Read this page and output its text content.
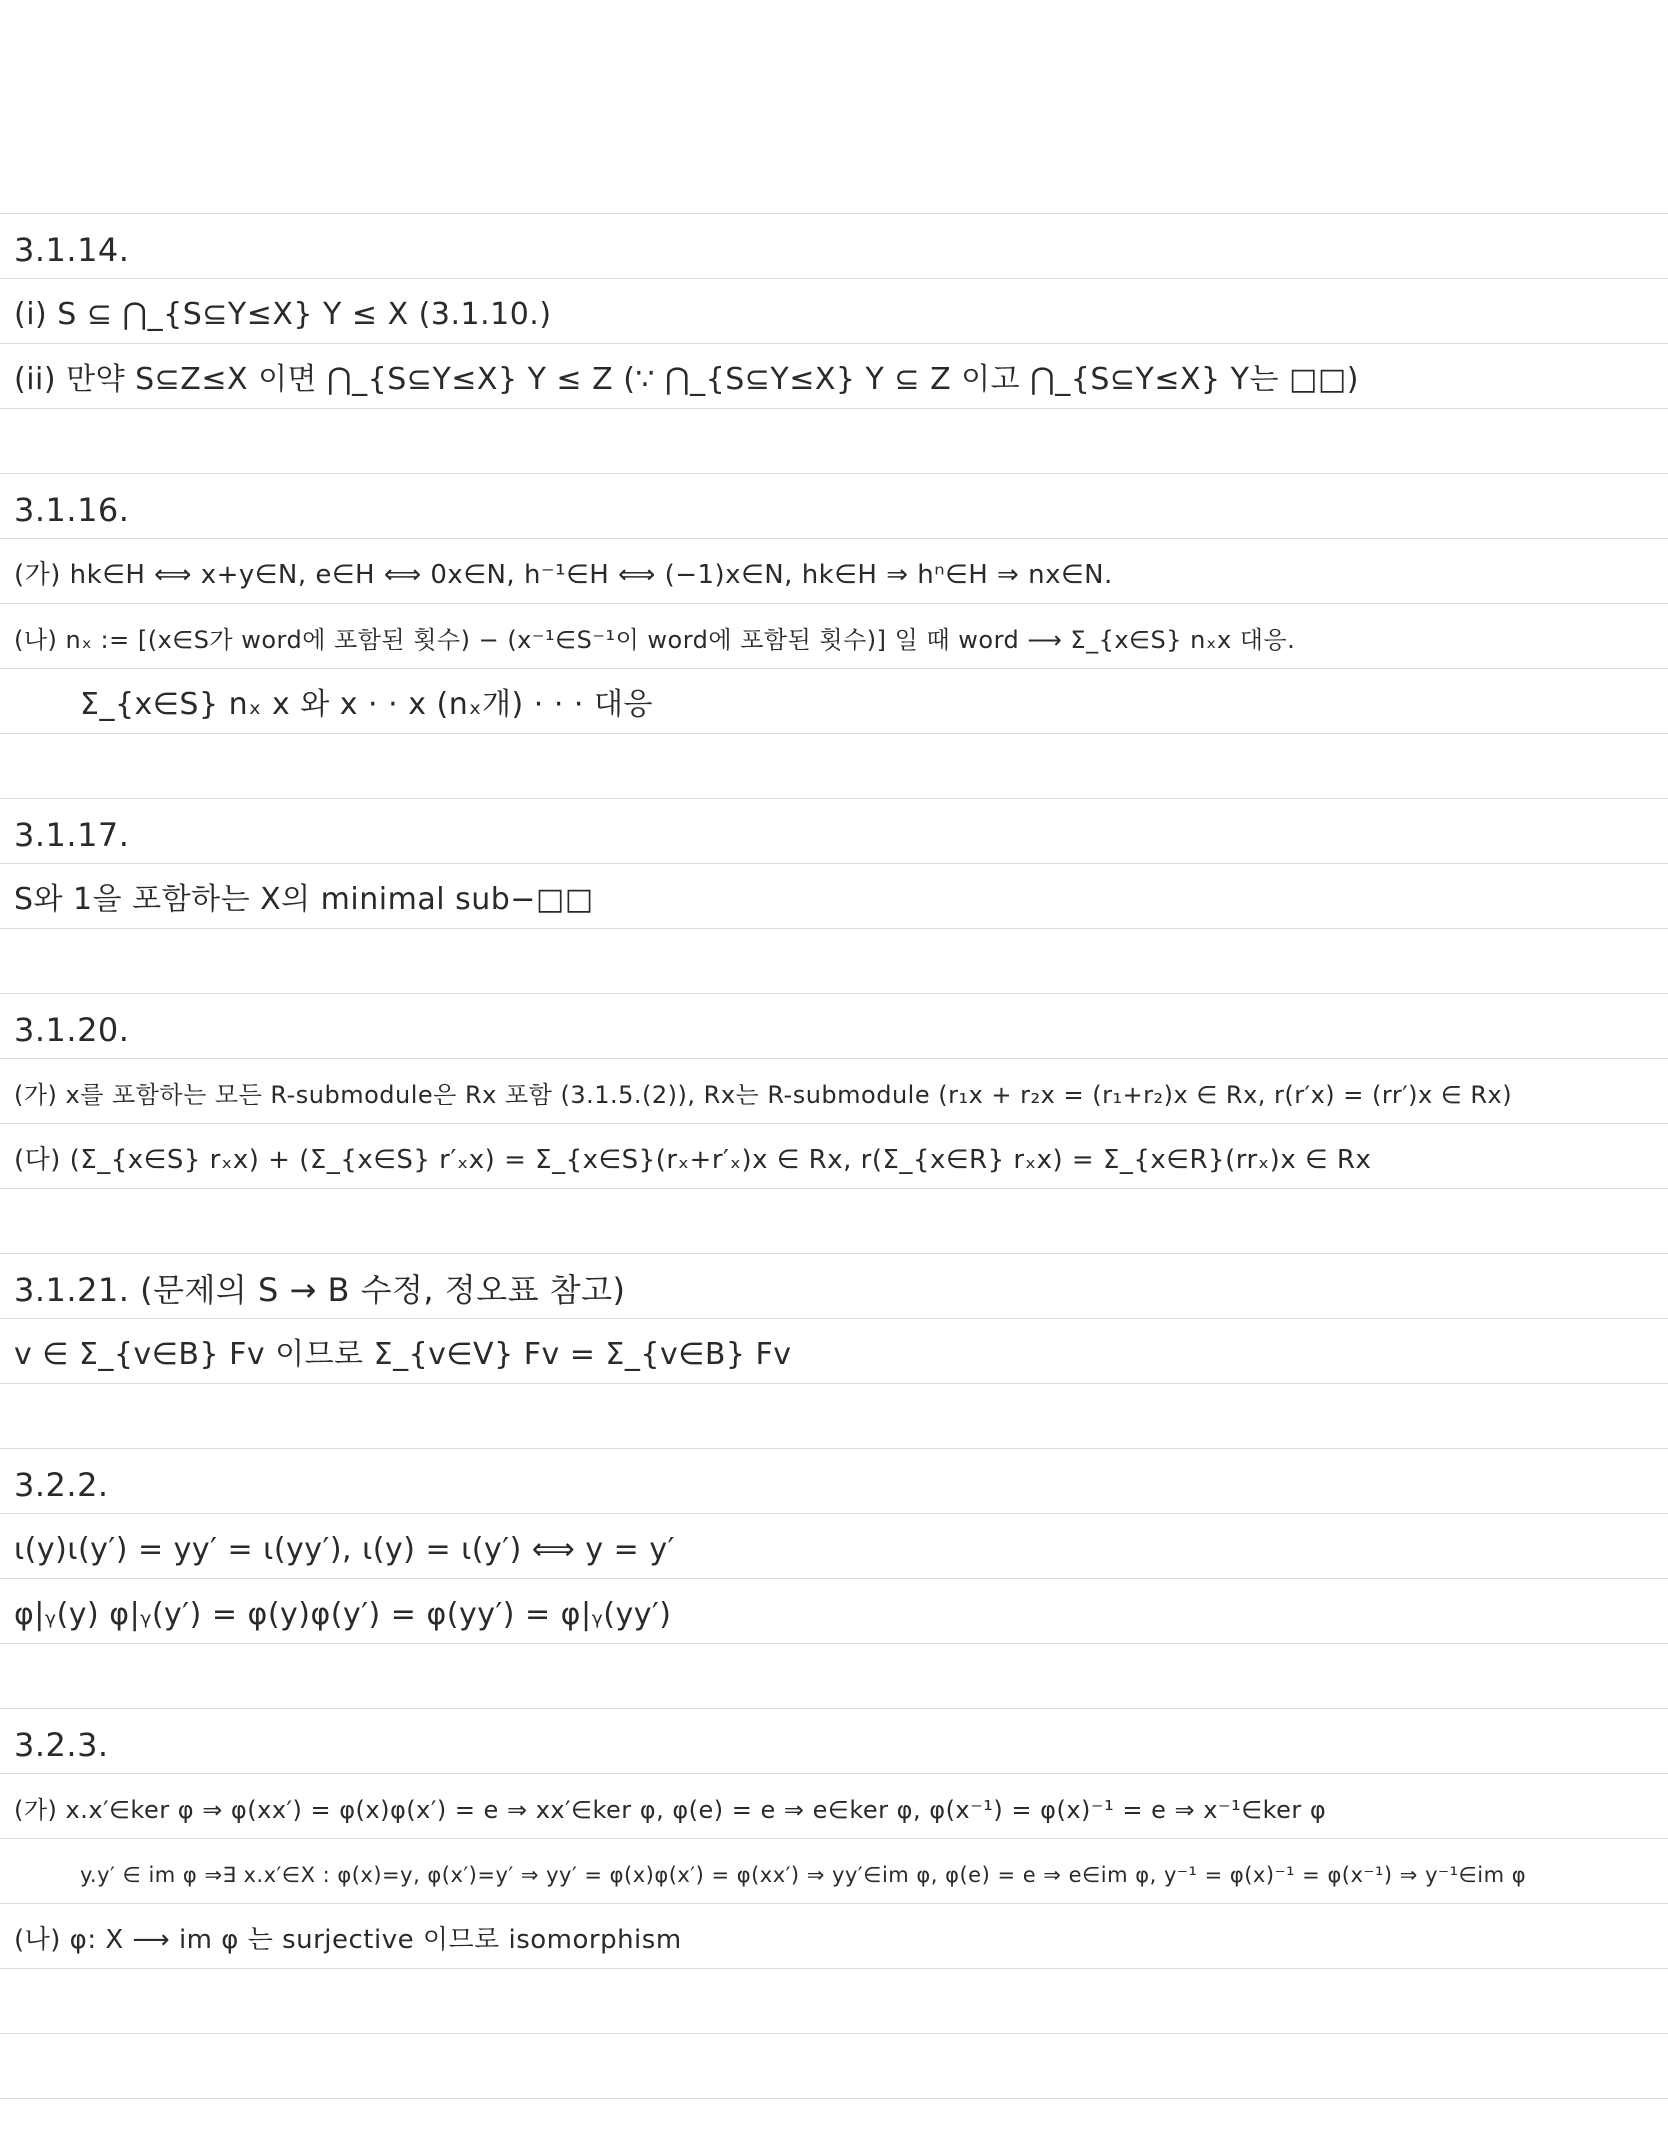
3.1.14.
(i) S ⊆ ⋂_{S⊆Y≤X} Y ≤ X (3.1.10.)
(ii) 만약 S⊆Z≤X 이면 ⋂_{S⊆Y≤X} Y ≤ Z (∵ ⋂_{S⊆Y≤X} Y ⊆ Z 이고 ⋂_{S⊆Y≤X} Y는 □□)
3.1.16.
(가) hk∈H ⟺ x+y∈N, e∈H ⟺ 0x∈N, h⁻¹∈H ⟺ (−1)x∈N, hk∈H ⇒ hⁿ∈H ⇒ nx∈N.
(나) nₓ := [(x∈S가 word에 포함된 횟수) − (x⁻¹∈S⁻¹이 word에 포함된 횟수)] 일 때 word ⟶ Σ_{x∈S} nₓx 대응.
Σ_{x∈S} nₓ x 와 x · · x (nₓ개) · · · 대응
3.1.17.
S와 1을 포함하는 X의 minimal sub−□□
3.1.20.
(가) x를 포함하는 모든 R-submodule은 Rx 포함 (3.1.5.(2)), Rx는 R-submodule (r₁x + r₂x = (r₁+r₂)x ∈ Rx, r(r′x) = (rr′)x ∈ Rx)
(다) (Σ_{x∈S} rₓx) + (Σ_{x∈S} r′ₓx) = Σ_{x∈S}(rₓ+r′ₓ)x ∈ Rx, r(Σ_{x∈R} rₓx) = Σ_{x∈R}(rrₓ)x ∈ Rx
3.1.21. (문제의 S → B 수정, 정오표 참고)
v ∈ Σ_{v∈B} Fv 이므로 Σ_{v∈V} Fv = Σ_{v∈B} Fv
3.2.2.
ι(y)ι(y′) = yy′ = ι(yy′), ι(y) = ι(y′) ⟺ y = y′
φ|ᵧ(y) φ|ᵧ(y′) = φ(y)φ(y′) = φ(yy′) = φ|ᵧ(yy′)
3.2.3.
(가) x.x′∈ker φ ⇒ φ(xx′) = φ(x)φ(x′) = e ⇒ xx′∈ker φ, φ(e) = e ⇒ e∈ker φ, φ(x⁻¹) = φ(x)⁻¹ = e ⇒ x⁻¹∈ker φ
y.y′ ∈ im φ ⇒∃ x.x′∈X : φ(x)=y, φ(x′)=y′ ⇒ yy′ = φ(x)φ(x′) = φ(xx′) ⇒ yy′∈im φ, φ(e) = e ⇒ e∈im φ, y⁻¹ = φ(x)⁻¹ = φ(x⁻¹) ⇒ y⁻¹∈im φ
(나) φ: X ⟶ im φ 는 surjective 이므로 isomorphism
